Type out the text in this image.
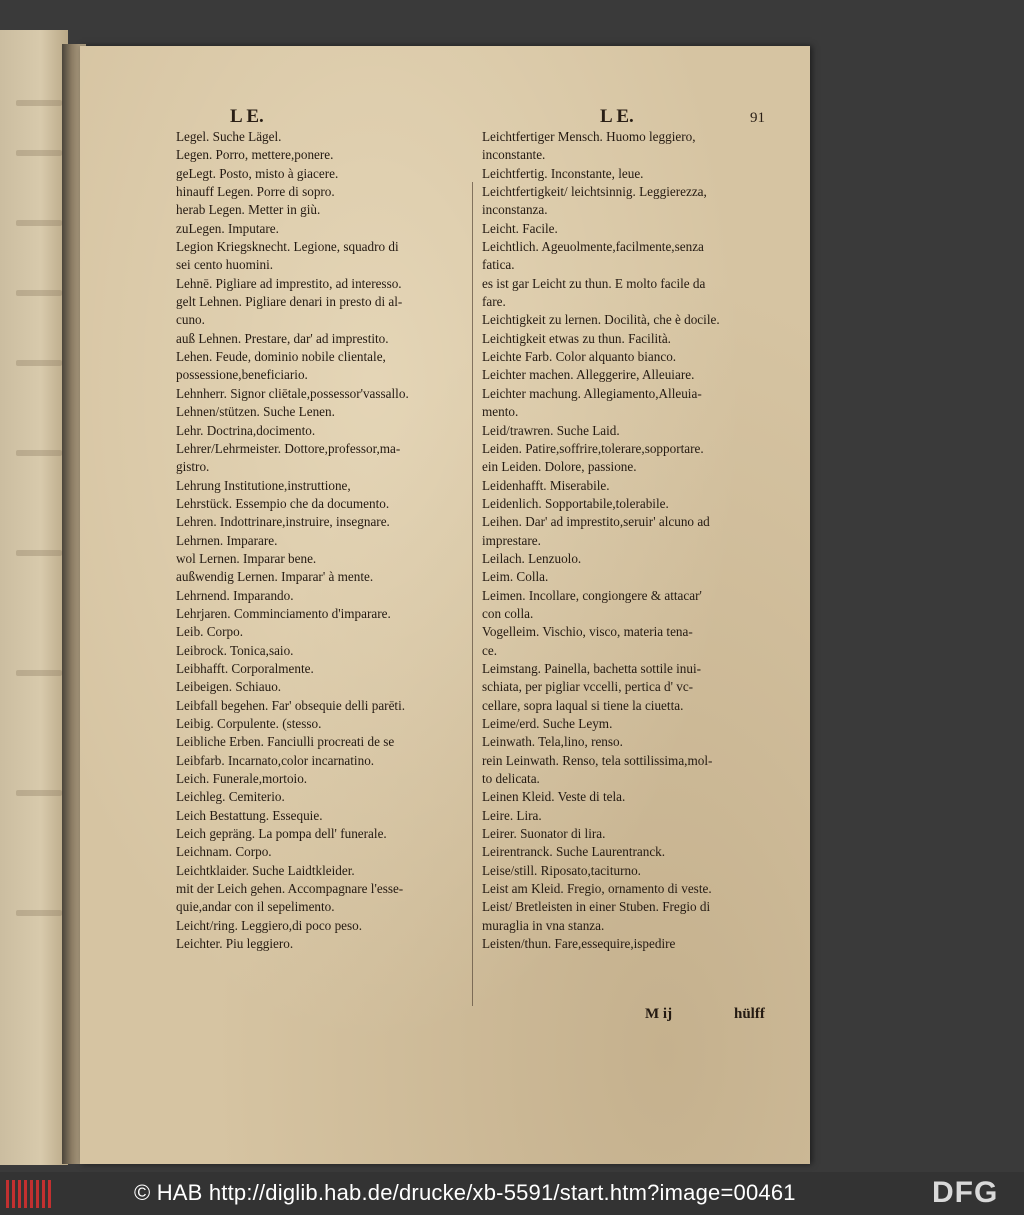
L E.	L E.	91
Legel. Suche Lägel.
Legen. Porro, mettere,ponere.
geLegt. Posto, misto à giacere.
hinauff Legen. Porre di sopro.
herab Legen. Metter in giù.
zuLegen. Imputare.
Legion Kriegsknecht. Legione, squadro di
sei cento huomini.
Lehnē. Pigliare ad imprestito, ad interesso.
gelt Lehnen. Pigliare denari in presto di al-
cuno.
auß Lehnen. Prestare, dar' ad imprestito.
Lehen. Feude, dominio nobile clientale,
possessione,beneficiario.
Lehnherr. Signor cliētale,possessor'vassallo.
Lehnen/stützen. Suche Lenen.
Lehr. Doctrina,docimento.
Lehrer/Lehrmeister. Dottore,professor,ma-
gistro.
Lehrung Institutione,instruttione,
Lehrstück. Essempio che da documento.
Lehren. Indottrinare,instruire, insegnare.
Lehrnen. Imparare.
wol Lernen. Imparar bene.
außwendig Lernen. Imparar' à mente.
Lehrnend. Imparando.
Lehrjaren. Comminciamento d'imparare.
Leib. Corpo.
Leibrock. Tonica,saio.
Leibhafft. Corporalmente.
Leibeigen. Schiauo.
Leibfall begehen. Far' obsequie delli parēti.
Leibig. Corpulente. (stesso.
Leibliche Erben. Fanciulli procreati de se
Leibfarb. Incarnato,color incarnatino.
Leich. Funerale,mortoio.
Leichleg. Cemiterio.
Leich Bestattung. Essequie.
Leich gepräng. La pompa dell' funerale.
Leichnam. Corpo.
Leichtklaider. Suche Laidtkleider.
mit der Leich gehen. Accompagnare l'esse-
quie,andar con il sepelimento.
Leicht/ring. Leggiero,di poco peso.
Leichter. Piu leggiero.
Leichtfertiger Mensch. Huomo leggiero,
inconstante.
Leichtfertig. Inconstante, leue.
Leichtfertigkeit/ leichtsinnig. Leggierezza,
inconstanza.
Leicht. Facile.
Leichtlich. Ageuolmente,facilmente,senza
fatica.
es ist gar Leicht zu thun. E molto facile da
fare.
Leichtigkeit zu lernen. Docilità, che è docile.
Leichtigkeit etwas zu thun. Facilità.
Leichte Farb. Color alquanto bianco.
Leichter machen. Alleggerire, Alleuiare.
Leichter machung. Allegiamento,Alleuia-
mento.
Leid/trawren. Suche Laid.
Leiden. Patire,soffrire,tolerare,sopportare.
ein Leiden. Dolore, passione.
Leidenhafft. Miserabile.
Leidenlich. Sopportabile,tolerabile.
Leihen. Dar' ad imprestito,seruir' alcuno ad
imprestare.
Leilach. Lenzuolo.
Leim. Colla.
Leimen. Incollare, congiongere & attacar'
con colla.
Vogelleim. Vischio, visco, materia tena-
ce.
Leimstang. Painella, bachetta sottile inui-
schiata, per pigliar vccelli, pertica d' vc-
cellare, sopra laqual si tiene la ciuetta.
Leime/erd. Suche Leym.
Leinwath. Tela,lino, renso.
rein Leinwath. Renso, tela sottilissima,mol-
to delicata.
Leinen Kleid. Veste di tela.
Leire. Lira.
Leirer. Suonator di lira.
Leirentranck. Suche Laurentranck.
Leise/still. Riposato,taciturno.
Leist am Kleid. Fregio, ornamento di veste.
Leist/ Bretleisten in einer Stuben. Fregio di
muraglia in vna stanza.
Leisten/thun. Fare,essequire,ispedire
M ij	hülff
© HAB http://diglib.hab.de/drucke/xb-5591/start.htm?image=00461	DFG
